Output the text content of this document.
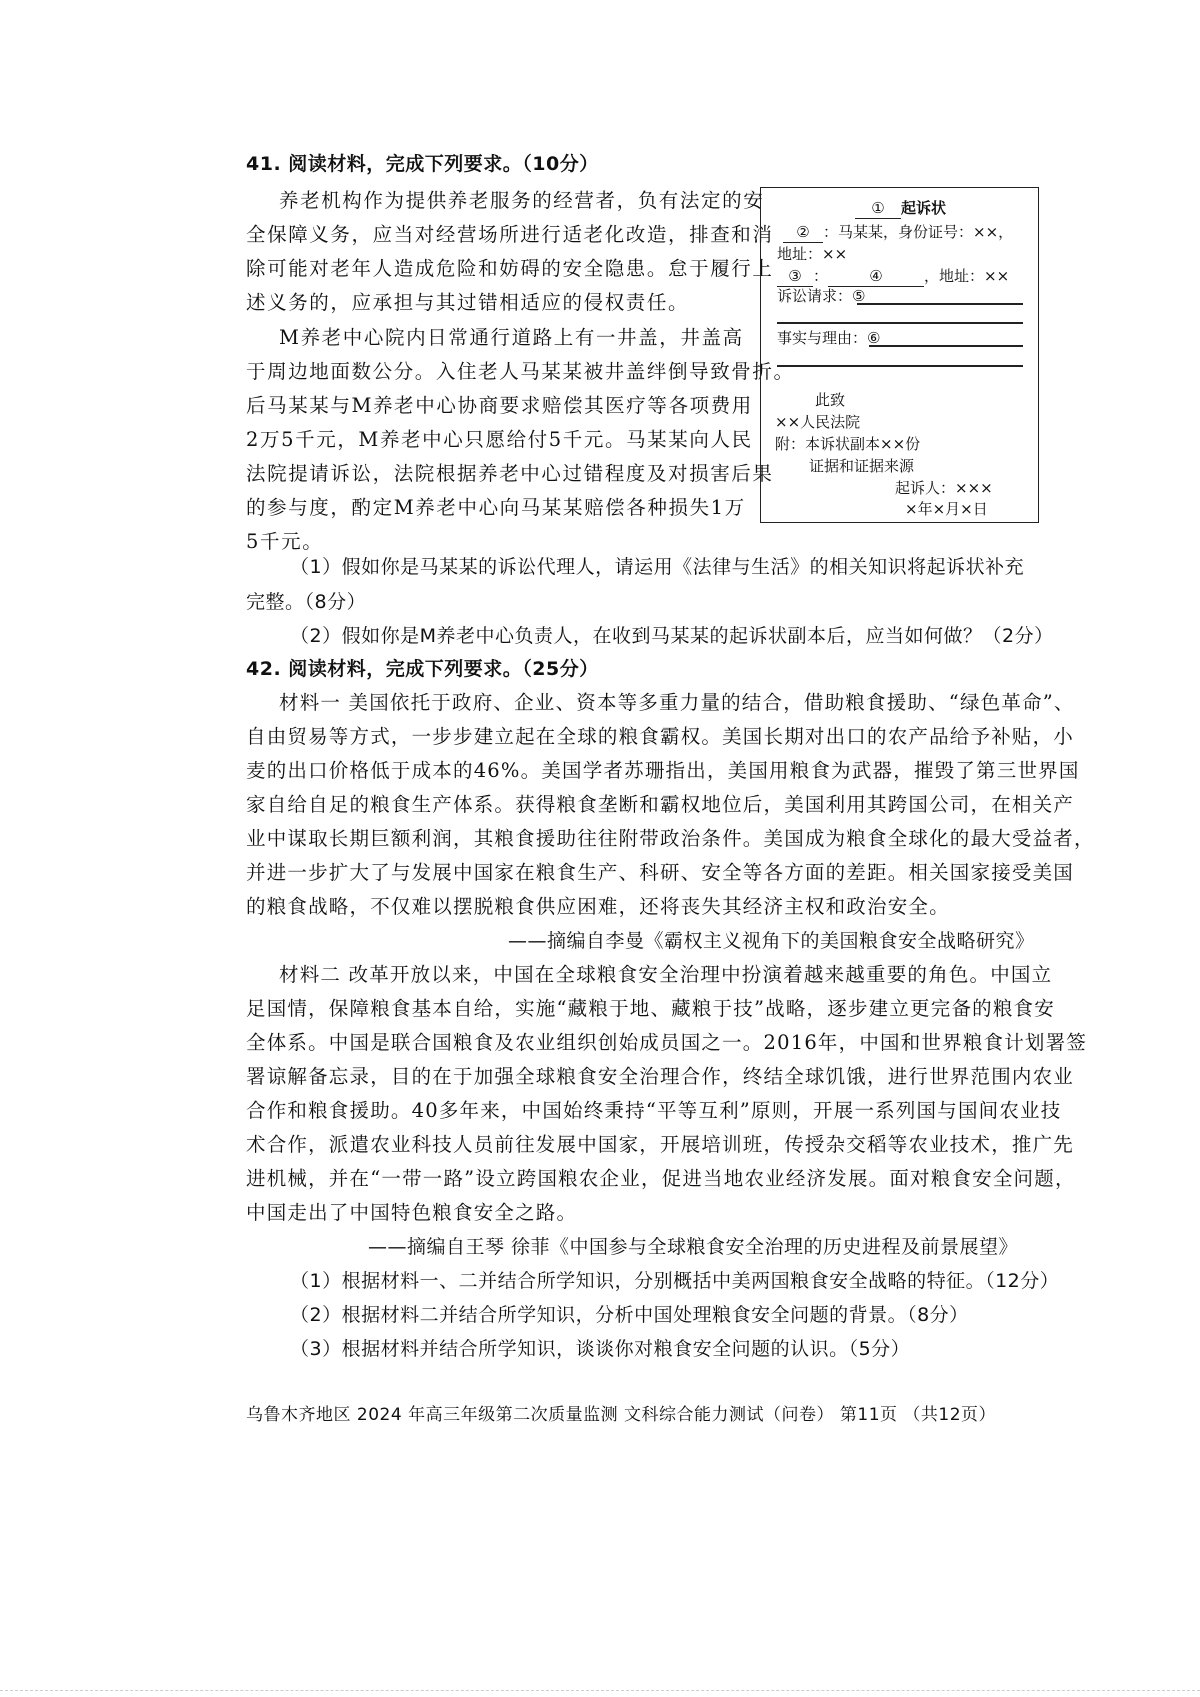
41. 阅读材料，完成下列要求。（10分）
养老机构作为提供养老服务的经营者，负有法定的安
全保障义务，应当对经营场所进行适老化改造，排查和消
除可能对老年人造成危险和妨碍的安全隐患。怠于履行上
述义务的，应承担与其过错相适应的侵权责任。
M养老中心院内日常通行道路上有一井盖，井盖高
于周边地面数公分。入住老人马某某被井盖绊倒导致骨折。
后马某某与M养老中心协商要求赔偿其医疗等各项费用
2万5千元，M养老中心只愿给付5千元。马某某向人民
法院提请诉讼，法院根据养老中心过错程度及对损害后果
的参与度，酌定M养老中心向马某某赔偿各种损失1万
5千元。
① 起诉状
② ：马某某，身份证号：××，
地址：××
③ ：	④	，地址：××
诉讼请求：⑤
事实与理由：⑥
此致
××人民法院
附：本诉状副本××份
证据和证据来源
起诉人：×××
×年×月×日
（1）假如你是马某某的诉讼代理人，请运用《法律与生活》的相关知识将起诉状补充
完整。（8分）
（2）假如你是M养老中心负责人，在收到马某某的起诉状副本后，应当如何做？（2分）
42. 阅读材料，完成下列要求。（25分）
材料一 美国依托于政府、企业、资本等多重力量的结合，借助粮食援助、“绿色革命”、
自由贸易等方式，一步步建立起在全球的粮食霸权。美国长期对出口的农产品给予补贴，小
麦的出口价格低于成本的46%。美国学者苏珊指出，美国用粮食为武器，摧毁了第三世界国
家自给自足的粮食生产体系。获得粮食垄断和霸权地位后，美国利用其跨国公司，在相关产
业中谋取长期巨额利润，其粮食援助往往附带政治条件。美国成为粮食全球化的最大受益者，
并进一步扩大了与发展中国家在粮食生产、科研、安全等各方面的差距。相关国家接受美国
的粮食战略，不仅难以摆脱粮食供应困难，还将丧失其经济主权和政治安全。
——摘编自李曼《霸权主义视角下的美国粮食安全战略研究》
材料二 改革开放以来，中国在全球粮食安全治理中扮演着越来越重要的角色。中国立
足国情，保障粮食基本自给，实施“藏粮于地、藏粮于技”战略，逐步建立更完备的粮食安
全体系。中国是联合国粮食及农业组织创始成员国之一。2016年，中国和世界粮食计划署签
署谅解备忘录，目的在于加强全球粮食安全治理合作，终结全球饥饿，进行世界范围内农业
合作和粮食援助。40多年来，中国始终秉持“平等互利”原则，开展一系列国与国间农业技
术合作，派遣农业科技人员前往发展中国家，开展培训班，传授杂交稻等农业技术，推广先
进机械，并在“一带一路”设立跨国粮农企业，促进当地农业经济发展。面对粮食安全问题，
中国走出了中国特色粮食安全之路。
——摘编自王琴 徐菲《中国参与全球粮食安全治理的历史进程及前景展望》
（1）根据材料一、二并结合所学知识，分别概括中美两国粮食安全战略的特征。（12分）
（2）根据材料二并结合所学知识，分析中国处理粮食安全问题的背景。（8分）
（3）根据材料并结合所学知识，谈谈你对粮食安全问题的认识。（5分）
乌鲁木齐地区 2024 年高三年级第二次质量监测 文科综合能力测试（问卷） 第11页 （共12页）
